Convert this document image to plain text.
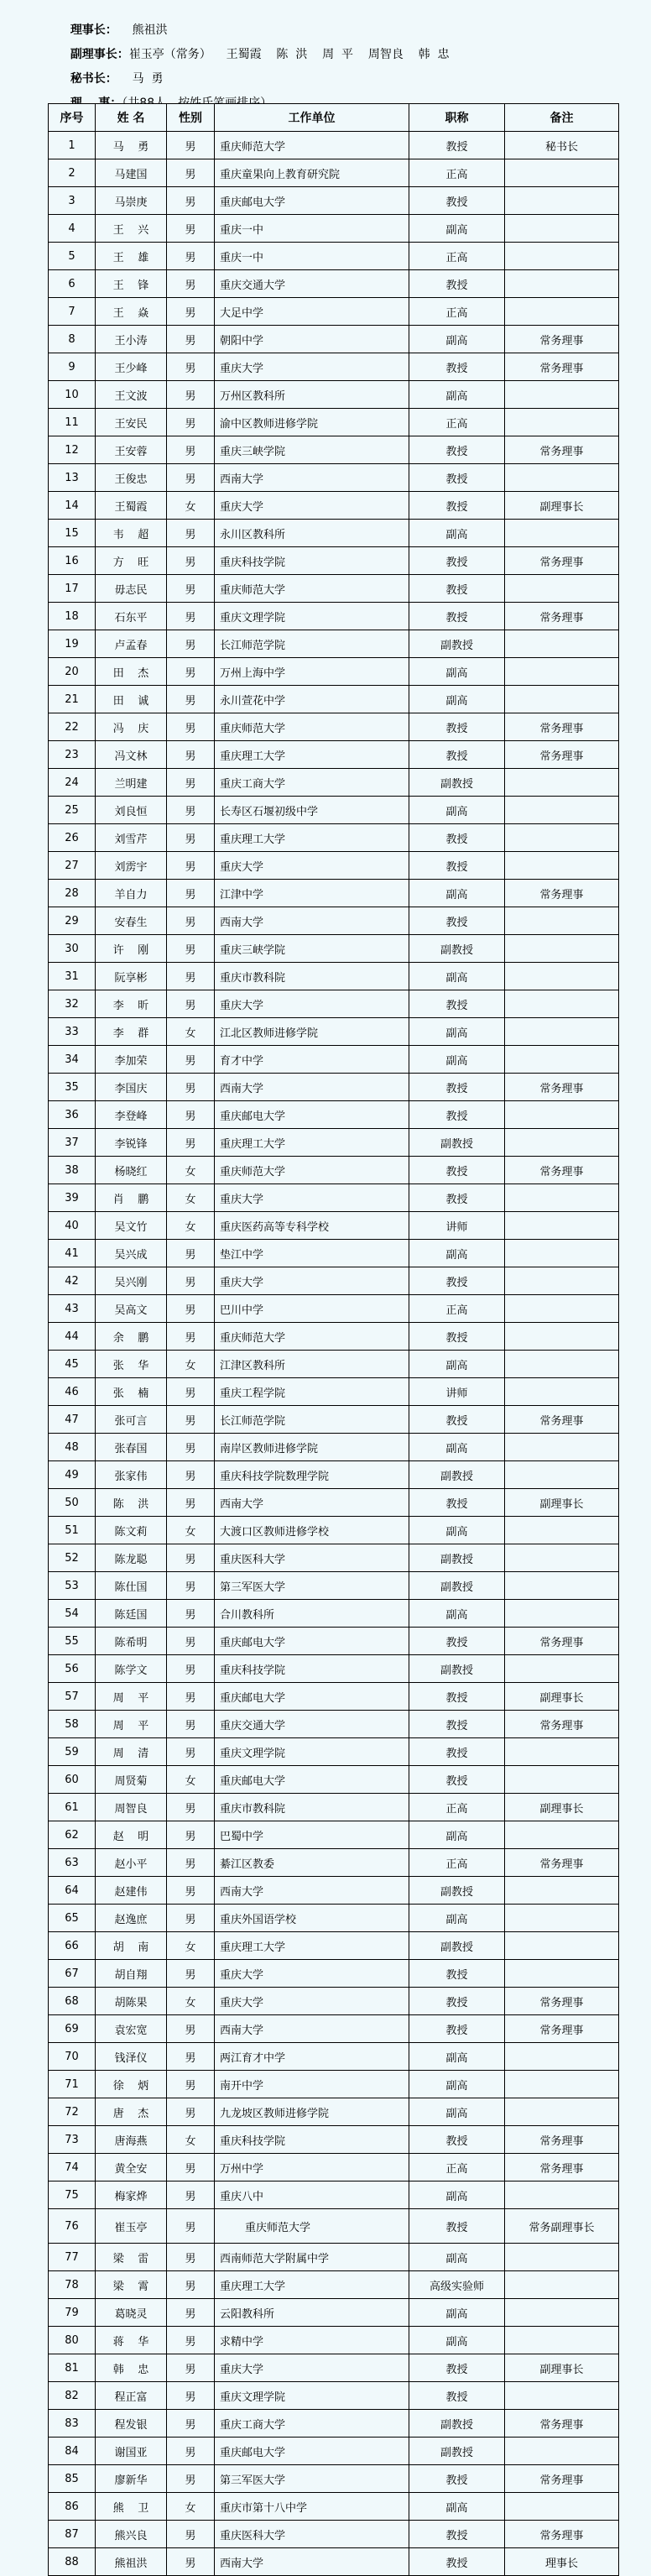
理事长： 熊祖洪

副理事长：崔玉亭（常务）    王蜀霞    陈  洪    周  平    周智良    韩  忠

秘书长： 马  勇

序号	姓 名	性别	工作单位	职称	备注
1	马    勇	男	重庆师范大学	教授	秘书长
2	马建国	男	重庆童果向上教育研究院	正高	
3	马崇庚	男	重庆邮电大学	教授	
4	王    兴	男	重庆一中	副高	
5	王    雄	男	重庆一中	正高	
6	王    锋	男	重庆交通大学	教授	
7	王    焱	男	大足中学	正高	
8	王小涛	男	朝阳中学	副高	常务理事
9	王少峰	男	重庆大学	教授	常务理事
10	王文波	男	万州区教科所	副高	
11	王安民	男	渝中区教师进修学院	正高	
12	王安蓉	男	重庆三峡学院	教授	常务理事
13	王俊忠	男	西南大学	教授	
14	王蜀霞	女	重庆大学	教授	副理事长
15	韦    超	男	永川区教科所	副高	
16	方    旺	男	重庆科技学院	教授	常务理事
17	毋志民	男	重庆师范大学	教授	
18	石东平	男	重庆文理学院	教授	常务理事
19	卢孟春	男	长江师范学院	副教授	
20	田    杰	男	万州上海中学	副高	
21	田    诚	男	永川萱花中学	副高	
22	冯    庆	男	重庆师范大学	教授	常务理事
23	冯文林	男	重庆理工大学	教授	常务理事
24	兰明建	男	重庆工商大学	副教授	
25	刘良恒	男	长寿区石堰初级中学	副高	
26	刘雪芹	男	重庆理工大学	教授	
27	刘雳宇	男	重庆大学	教授	
28	羊自力	男	江津中学	副高	常务理事
29	安春生	男	西南大学	教授	
30	许    刚	男	重庆三峡学院	副教授	
31	阮享彬	男	重庆市教科院	副高	
32	李    昕	男	重庆大学	教授	
33	李    群	女	江北区教师进修学院	副高	
34	李加荣	男	育才中学	副高	
35	李国庆	男	西南大学	教授	常务理事
36	李登峰	男	重庆邮电大学	教授	
37	李锐锋	男	重庆理工大学	副教授	
38	杨晓红	女	重庆师范大学	教授	常务理事
39	肖    鹏	女	重庆大学	教授	
40	吴文竹	女	重庆医药高等专科学校	讲师	
41	吴兴成	男	垫江中学	副高	
42	吴兴刚	男	重庆大学	教授	
43	吴高文	男	巴川中学	正高	
44	余    鹏	男	重庆师范大学	教授	
45	张    华	女	江津区教科所	副高	
46	张    楠	男	重庆工程学院	讲师	
47	张可言	男	长江师范学院	教授	常务理事
48	张春国	男	南岸区教师进修学院	副高	
49	张家伟	男	重庆科技学院数理学院	副教授	
50	陈    洪	男	西南大学	教授	副理事长
51	陈文莉	女	大渡口区教师进修学校	副高	
52	陈龙聪	男	重庆医科大学	副教授	
53	陈仕国	男	第三军医大学	副教授	
54	陈廷国	男	合川教科所	副高	
55	陈希明	男	重庆邮电大学	教授	常务理事
56	陈学文	男	重庆科技学院	副教授	
57	周    平	男	重庆邮电大学	教授	副理事长
58	周    平	男	重庆交通大学	教授	常务理事
59	周    清	男	重庆文理学院	教授	
60	周贤菊	女	重庆邮电大学	教授	
61	周智良	男	重庆市教科院	正高	副理事长
62	赵    明	男	巴蜀中学	副高	
63	赵小平	男	綦江区教委	正高	常务理事
64	赵建伟	男	西南大学	副教授	
65	赵逸庶	男	重庆外国语学校	副高	
66	胡    南	女	重庆理工大学	副教授	
67	胡自翔	男	重庆大学	教授	
68	胡陈果	女	重庆大学	教授	常务理事
69	袁宏宽	男	西南大学	教授	常务理事
70	钱泽仪	男	两江育才中学	副高	
71	徐    炳	男	南开中学	副高	
72	唐    杰	男	九龙坡区教师进修学院	副高	
73	唐海燕	女	重庆科技学院	教授	常务理事
74	黄全安	男	万州中学	正高	常务理事
75	梅家烨	男	重庆八中	副高	
76	崔玉亭	男	重庆师范大学	教授	常务副理事长
77	梁    雷	男	西南师范大学附属中学	副高	
78	梁    霄	男	重庆理工大学	高级实验师	
79	葛晓灵	男	云阳教科所	副高	
80	蒋    华	男	求精中学	副高	
81	韩    忠	男	重庆大学	教授	副理事长
82	程正富	男	重庆文理学院	教授	
83	程发银	男	重庆工商大学	副教授	常务理事
84	谢国亚	男	重庆邮电大学	副教授	
85	廖新华	男	第三军医大学	教授	常务理事
86	熊    卫	女	重庆市第十八中学	副高	
87	熊兴良	男	重庆医科大学	教授	常务理事
88	熊祖洪	男	西南大学	教授	理事长
